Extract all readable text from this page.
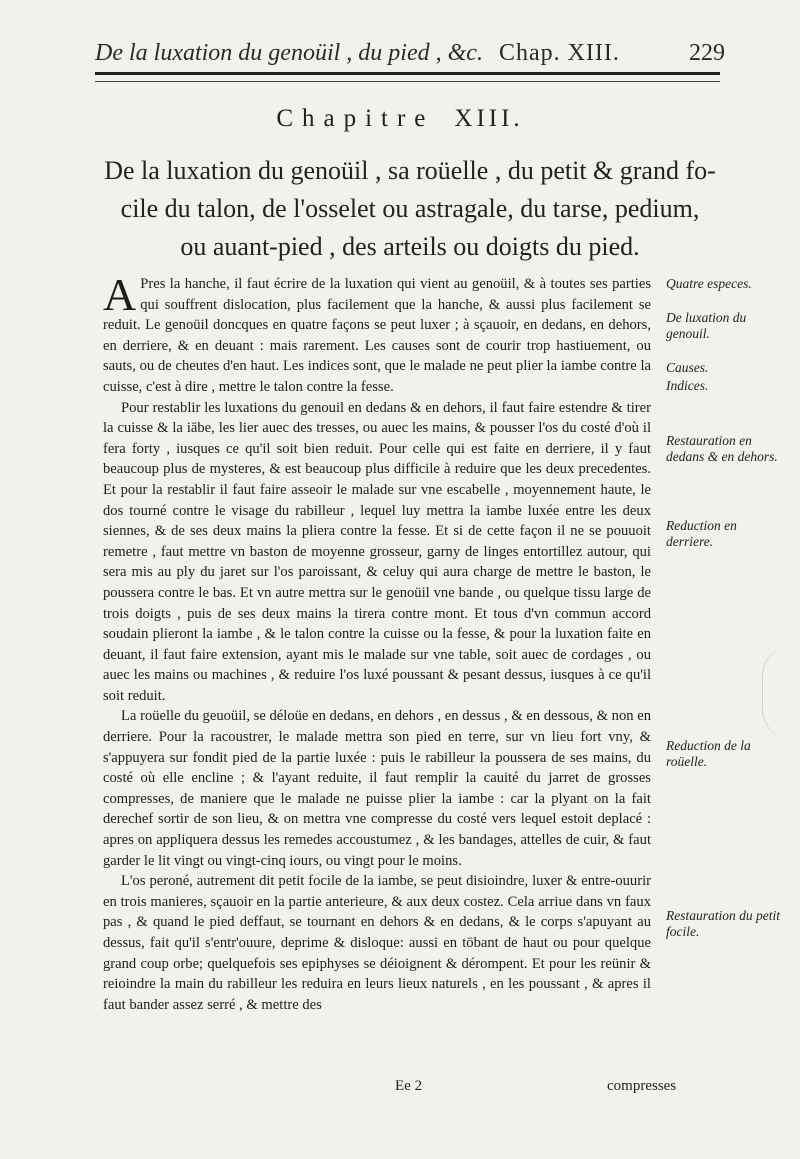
De la luxation du genoüil , du pied , &c. Chap. XIII.	229
Chapitre XIII.
De la luxation du genoüil , sa roüelle , du petit & grand fo-
cile du talon, de l'osselet ou astragale, du tarse, pedium,
ou auant-pied , des arteils ou doigts du pied.

A Pres la hanche, il faut écrire de la luxation qui vient au genoüil, & à toutes ses parties qui souffrent dislocation, plus facilement que la hanche, & aussi plus facilement se reduit. Le genoüil doncques en quatre façons se peut luxer ; à sçauoir, en dedans, en dehors, en derriere, & en deuant : mais rarement. Les causes sont de courir trop hastiuement, ou sauts, ou de cheutes d'en haut. Les indices sont, que le malade ne peut plier la iambe contre la cuisse, c'est à dire , mettre le talon contre la fesse.

Pour restablir les luxations du genouil en dedans & en dehors, il faut faire estendre & tirer la cuisse & la iābe, les lier auec des tresses, ou auec les mains, & pousser l'os du costé d'où il fera forty , iusques ce qu'il soit bien reduit. Pour celle qui est faite en derriere, il y faut beaucoup plus de mysteres, & est beaucoup plus difficile à reduire que les deux precedentes. Et pour la restablir il faut faire asseoir le malade sur vne escabelle , moyennement haute, le dos tourné contre le visage du rabilleur , lequel luy mettra la iambe luxée entre les deux siennes, & de ses deux mains la pliera contre la fesse. Et si de cette façon il ne se pouuoit remetre , faut mettre vn baston de moyenne grosseur, garny de linges entortillez autour, qui sera mis au ply du jaret sur l'os paroissant, & celuy qui aura charge de mettre le baston, le poussera contre le bas. Et vn autre mettra sur le genoüil vne bande , ou quelque tissu large de trois doigts , puis de ses deux mains la tirera contre mont. Et tous d'vn commun accord soudain plieront la iambe , & le talon contre la cuisse ou la fesse, & pour la luxation faite en deuant, il faut faire extension, ayant mis le malade sur vne table, soit auec de cordages , ou auec les mains ou machines , & reduire l'os luxé poussant & pesant dessus, iusques à ce qu'il soit reduit.

La roüelle du geuoüil, se déloüe en dedans, en dehors , en dessus , & en dessous, & non en derriere. Pour la racoustrer, le malade mettra son pied en terre, sur vn lieu fort vny, & s'appuyera sur fondit pied de la partie luxée : puis le rabilleur la poussera de ses mains, du costé où elle encline ; & l'ayant reduite, il faut remplir la cauité du jarret de grosses compresses, de maniere que le malade ne puisse plier la iambe : car la plyant on la fait derechef sortir de son lieu, & on mettra vne compresse du costé vers lequel estoit deplacé : apres on appliquera dessus les remedes accoustumez , & les bandages, attelles de cuir, & faut garder le lit vingt ou vingt-cinq iours, ou vingt pour le moins.

L'os peroné, autrement dit petit focile de la iambe, se peut disioindre, luxer & entre-ouurir en trois manieres, sçauoir en la partie anterieure, & aux deux costez. Cela arriue dans vn faux pas , & quand le pied deffaut, se tournant en dehors & en dedans, & le corps s'apuyant au dessus, fait qu'il s'entr'ouure, deprime & disloque: aussi en tōbant de haut ou pour quelque grand coup orbe; quelquefois ses epiphyses se déioignent & dérompent. Et pour les reünir & reioindre la main du rabilleur les reduira en leurs lieux naturels , en les poussant , & apres il faut bander assez serré , & mettre des

Quatre especes.
De luxation du genouil.
Causes.
Indices.
Restauration en dedans & en dehors.
Reduction en derriere.
Reduction de la roüelle.
Restauration du petit focile.
Ee 2	compresses
